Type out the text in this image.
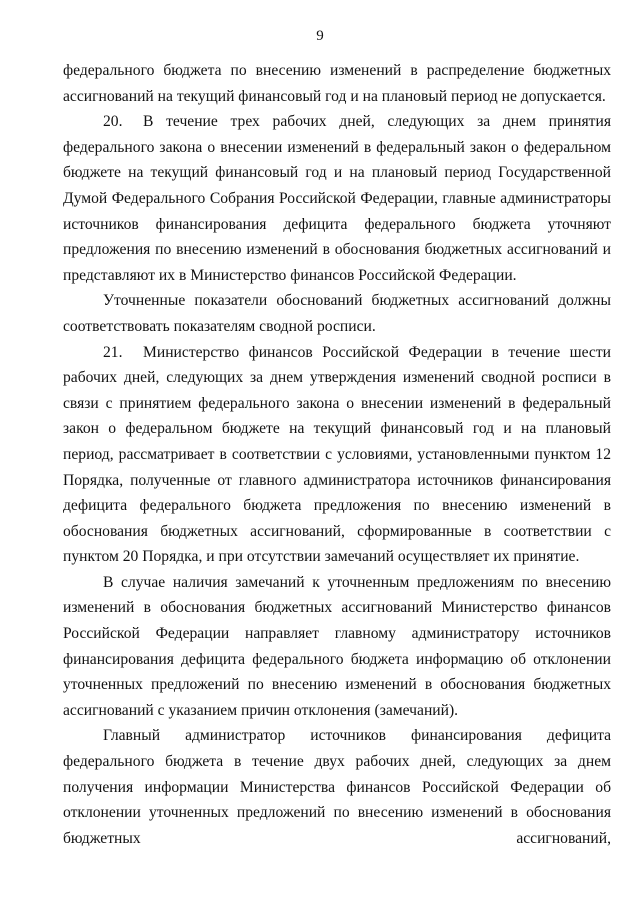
9

федерального бюджета по внесению изменений в распределение бюджетных ассигнований на текущий финансовый год и на плановый период не допускается.

20. В течение трех рабочих дней, следующих за днем принятия федерального закона о внесении изменений в федеральный закон о федеральном бюджете на текущий финансовый год и на плановый период Государственной Думой Федерального Собрания Российской Федерации, главные администраторы источников финансирования дефицита федерального бюджета уточняют предложения по внесению изменений в обоснования бюджетных ассигнований и представляют их в Министерство финансов Российской Федерации.

Уточненные показатели обоснований бюджетных ассигнований должны соответствовать показателям сводной росписи.

21. Министерство финансов Российской Федерации в течение шести рабочих дней, следующих за днем утверждения изменений сводной росписи в связи с принятием федерального закона о внесении изменений в федеральный закон о федеральном бюджете на текущий финансовый год и на плановый период, рассматривает в соответствии с условиями, установленными пунктом 12 Порядка, полученные от главного администратора источников финансирования дефицита федерального бюджета предложения по внесению изменений в обоснования бюджетных ассигнований, сформированные в соответствии с пунктом 20 Порядка, и при отсутствии замечаний осуществляет их принятие.

В случае наличия замечаний к уточненным предложениям по внесению изменений в обоснования бюджетных ассигнований Министерство финансов Российской Федерации направляет главному администратору источников финансирования дефицита федерального бюджета информацию об отклонении уточненных предложений по внесению изменений в обоснования бюджетных ассигнований с указанием причин отклонения (замечаний).

Главный администратор источников финансирования дефицита федерального бюджета в течение двух рабочих дней, следующих за днем получения информации Министерства финансов Российской Федерации об отклонении уточненных предложений по внесению изменений в обоснования бюджетных ассигнований,
